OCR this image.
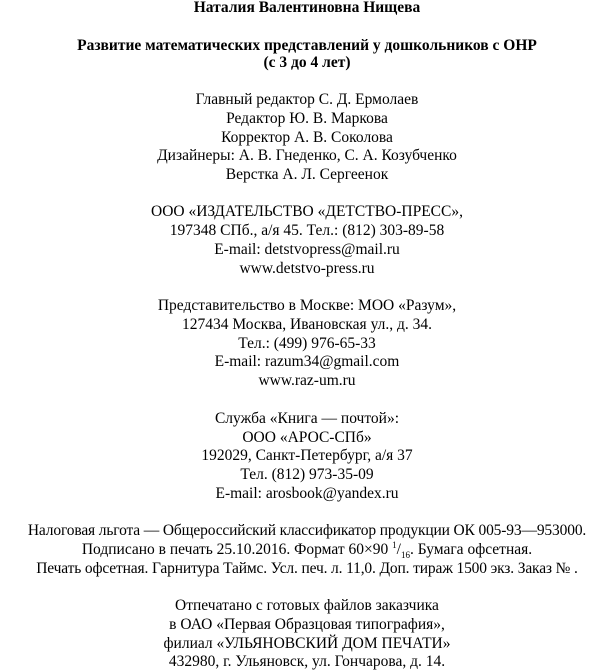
Наталия Валентиновна Нищева
Развитие математических представлений у дошкольников с ОНР
(с 3 до 4 лет)
Главный редактор С. Д. Ермолаев
Редактор Ю. В. Маркова
Корректор А. В. Соколова
Дизайнеры: А. В. Гнеденко, С. А. Козубченко
Верстка А. Л. Сергеенок
ООО «ИЗДАТЕЛЬСТВО «ДЕТСТВО-ПРЕСС»,
197348 СПб., а/я 45. Тел.: (812) 303-89-58
E-mail: detstvopress@mail.ru
www.detstvo-press.ru
Представительство в Москве: МОО «Разум»,
127434 Москва, Ивановская ул., д. 34.
Тел.: (499) 976-65-33
E-mail: razum34@gmail.com
www.raz-um.ru
Служба «Книга — почтой»:
ООО «АРОС-СПб»
192029, Санкт-Петербург, а/я 37
Тел. (812) 973-35-09
E-mail: arosbook@yandex.ru
Налоговая льгота — Общероссийский классификатор продукции ОК 005-93—953000.
Подписано в печать 25.10.2016. Формат 60×90 $^1/_{16}$. Бумага офсетная.
Печать офсетная. Гарнитура Таймс. Усл. печ. л. 11,0. Доп. тираж 1500 экз. Заказ № .
Отпечатано с готовых файлов заказчика
в ОАО «Первая Образцовая типография»,
филиал «УЛЬЯНОВСКИЙ ДОМ ПЕЧАТИ»
432980, г. Ульяновск, ул. Гончарова, д. 14.
